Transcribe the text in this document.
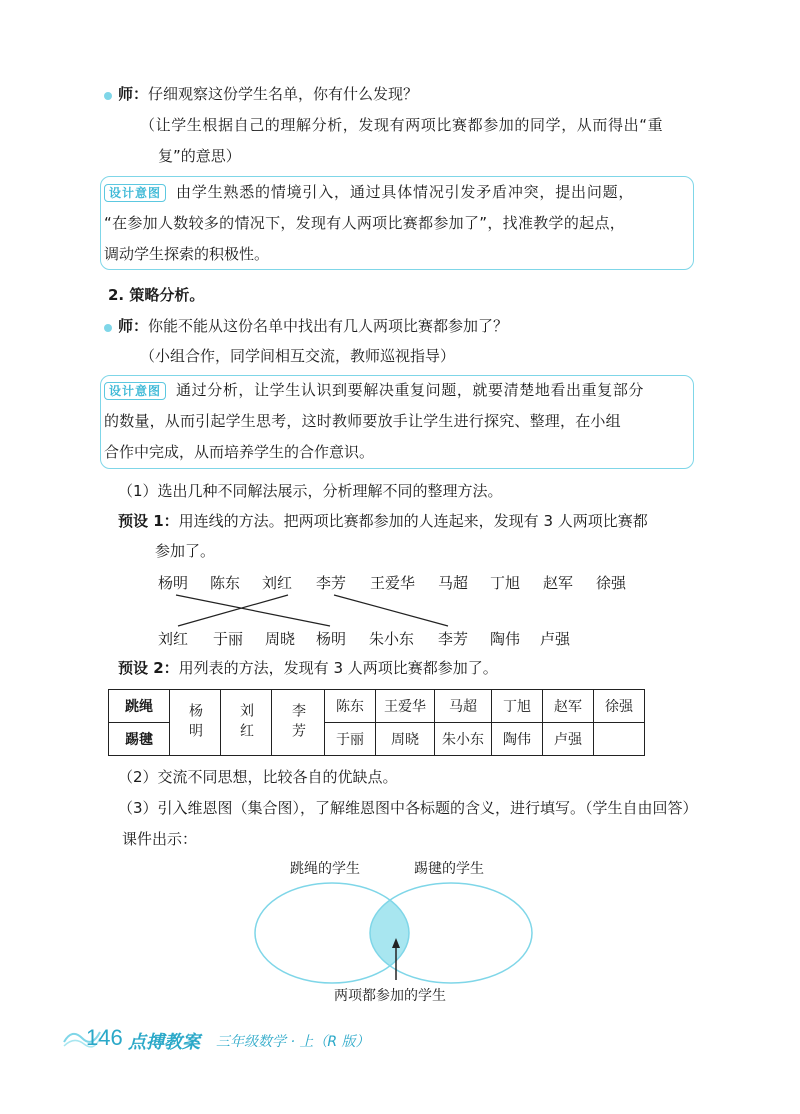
师：仔细观察这份学生名单，你有什么发现？
（让学生根据自己的理解分析，发现有两项比赛都参加的同学，从而得出“重
复”的意思）
设计意图 由学生熟悉的情境引入，通过具体情况引发矛盾冲突，提出问题，
“在参加人数较多的情况下，发现有人两项比赛都参加了”，找准教学的起点，
调动学生探索的积极性。
2. 策略分析。
师：你能不能从这份名单中找出有几人两项比赛都参加了？
（小组合作，同学间相互交流，教师巡视指导）
设计意图 通过分析，让学生认识到要解决重复问题，就要清楚地看出重复部分
的数量，从而引起学生思考，这时教师要放手让学生进行探究、整理，在小组
合作中完成，从而培养学生的合作意识。
（1）选出几种不同解法展示，分析理解不同的整理方法。
预设 1：用连线的方法。把两项比赛都参加的人连起来，发现有 3 人两项比赛都
参加了。
杨明 陈东 刘红 李芳 王爱华 马超 丁旭 赵军 徐强
刘红 于丽 周晓 杨明 朱小东 李芳 陶伟 卢强
预设 2：用列表的方法，发现有 3 人两项比赛都参加了。
跳绳	杨明	刘红	李芳	陈东	王爱华	马超	丁旭	赵军	徐强
踢毽				于丽	周晓	朱小东	陶伟	卢强	
（2）交流不同思想，比较各自的优缺点。
（3）引入维恩图（集合图），了解维恩图中各标题的含义，进行填写。（学生自由回答）
课件出示：
跳绳的学生	踢毽的学生
两项都参加的学生
146 点搏教案 三年级数学 · 上（R 版）
